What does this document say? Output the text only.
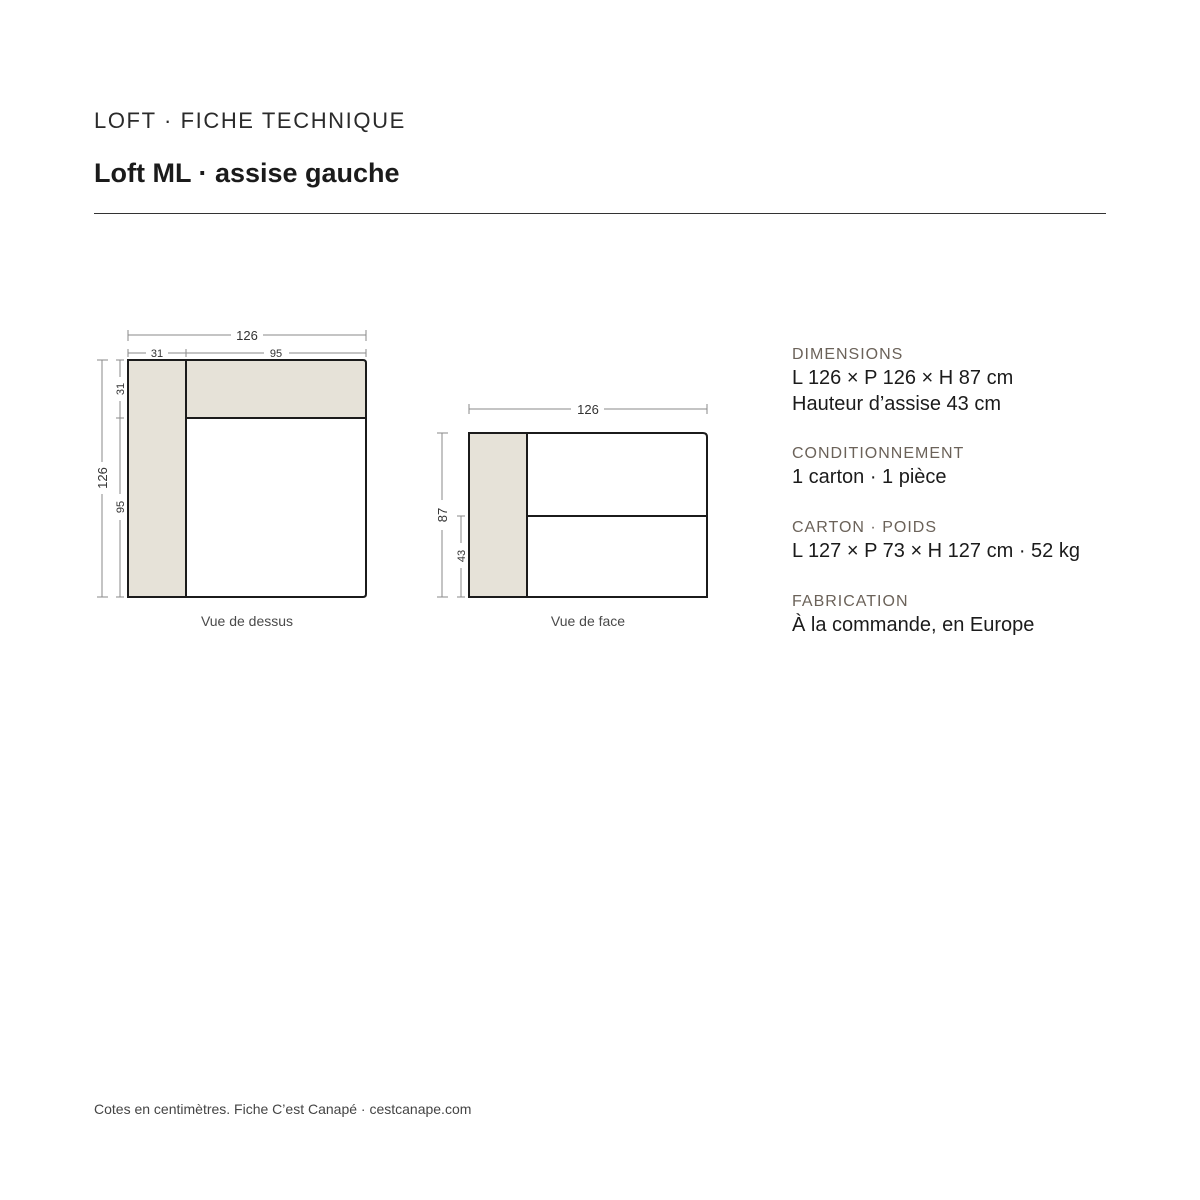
LOFT · FICHE TECHNIQUE
Loft ML · assise gauche
126
31	95
126
31
95
Vue de dessus
126
87
43
Vue de face
DIMENSIONS
L 126 × P 126 × H 87 cm
Hauteur d’assise 43 cm
CONDITIONNEMENT
1 carton · 1 pièce
CARTON · POIDS
L 127 × P 73 × H 127 cm · 52 kg
FABRICATION
À la commande, en Europe
Cotes en centimètres. Fiche C’est Canapé · cestcanape.com
